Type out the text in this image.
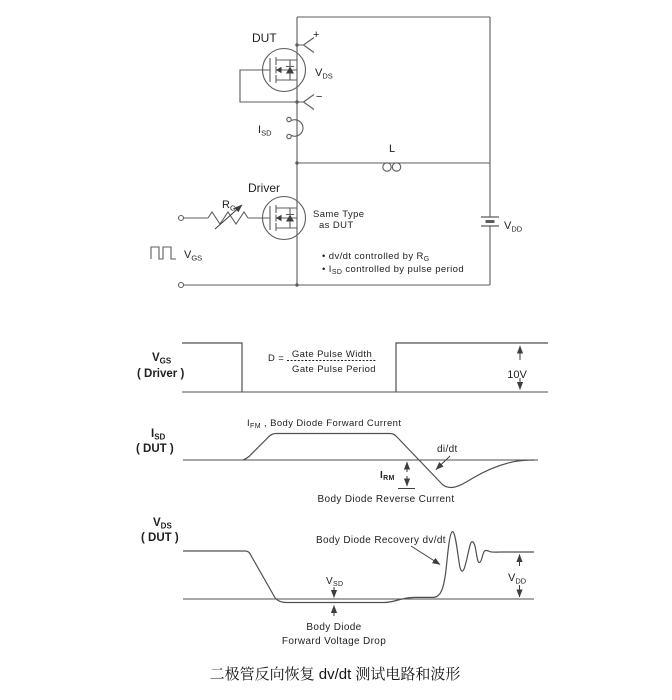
DUT	+
−
$V_{DS}$
$I_{SD}$
L
Driver
$R_G$
$V_{GS}$
$V_{DD}$
Same Type
as DUT
• dv/dt controlled by $R_G$
• $I_{SD}$ controlled by pulse period
$V_{GS}$
( Driver )
D = Gate Pulse Width
Gate Pulse Period	10V
$I_{SD}$
( DUT )
$I_{FM}$ , Body Diode Forward Current
di/dt
$I_{RM}$
Body Diode Reverse Current
$V_{DS}$
( DUT )	Body Diode Recovery dv/dt
$V_{SD}$
$V_{DD}$
Body Diode
Forward Voltage Drop
二极管反向恢复 dv/dt 测试电路和波形
